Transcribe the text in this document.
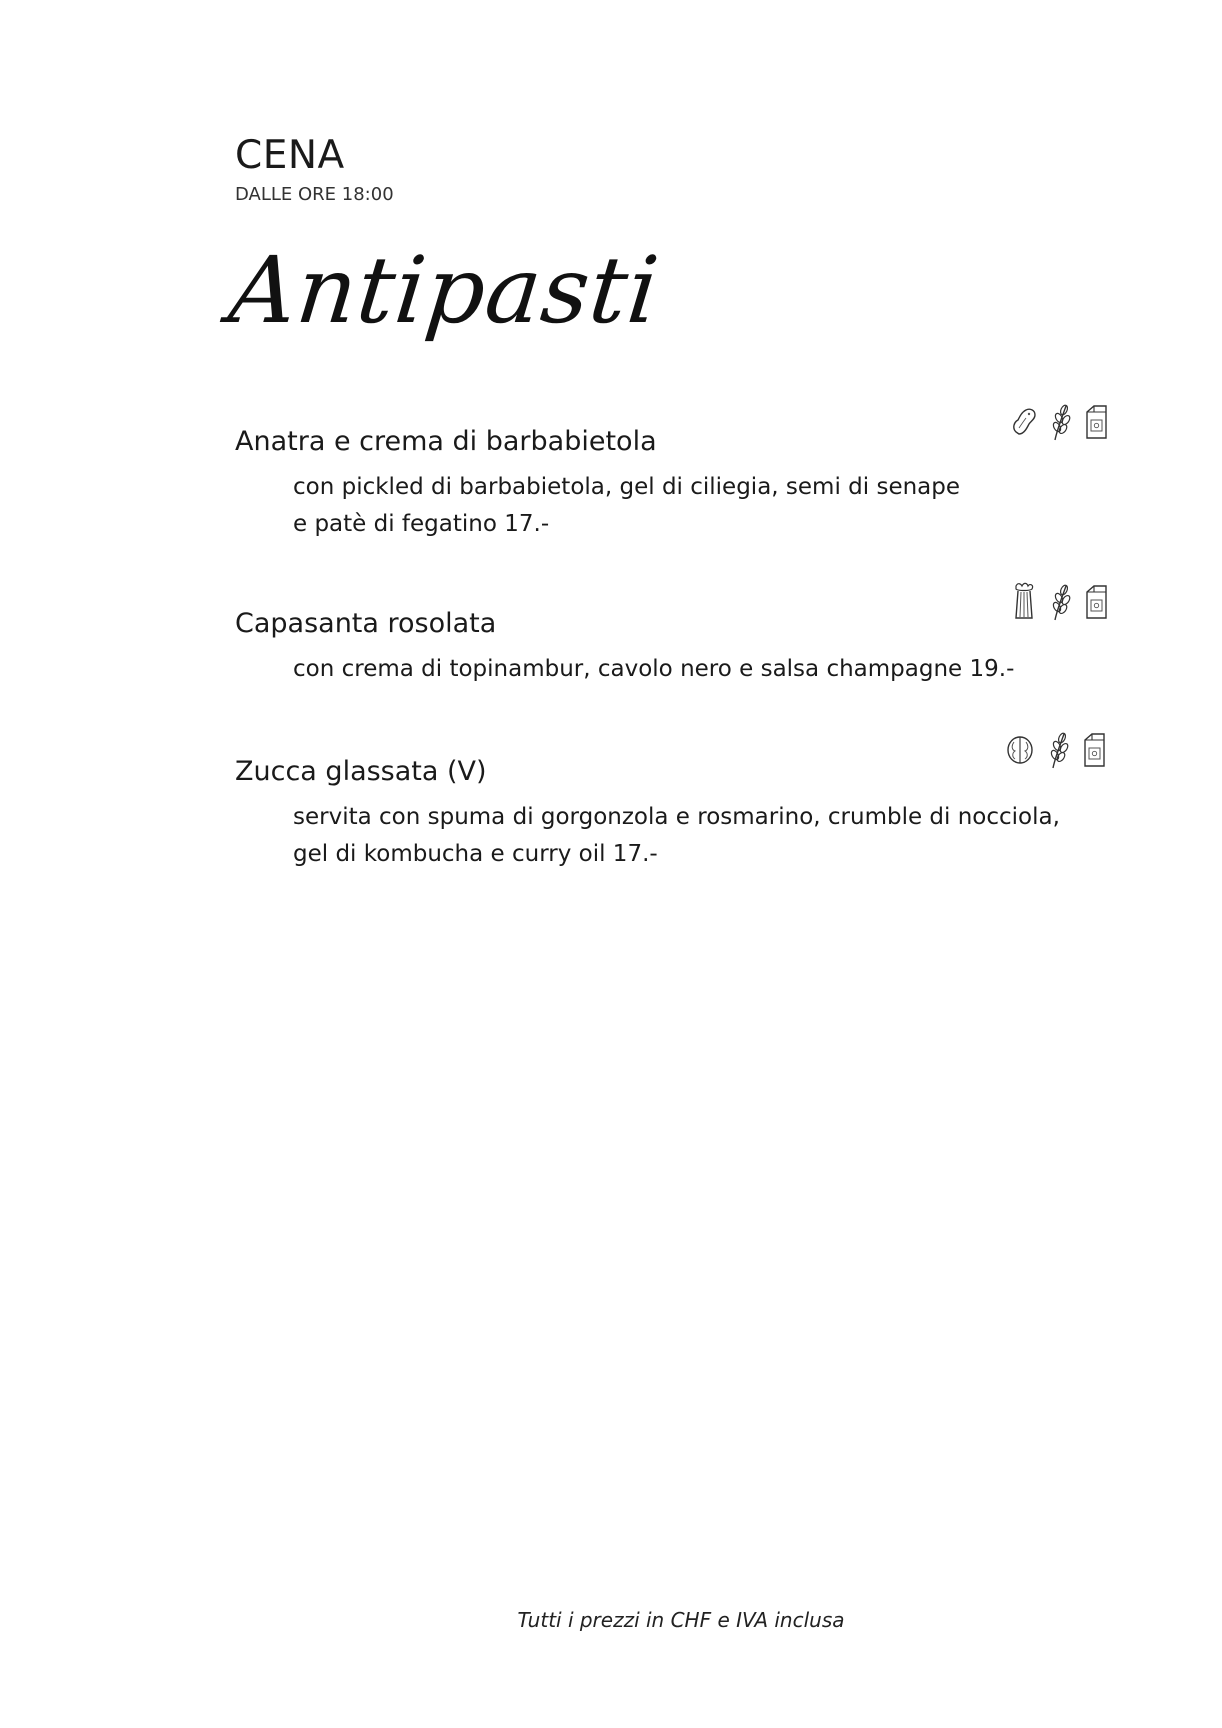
CENA
DALLE ORE 18:00
Antipasti

Anatra e crema di barbabietola

con pickled di barbabietola, gel di ciliegia, semi di senape
e patè di fegatino 17.-

Capasanta rosolata

con crema di topinambur, cavolo nero e salsa champagne 19.-

Zucca glassata (V)

servita con spuma di gorgonzola e rosmarino, crumble di nocciola,
gel di kombucha e curry oil 17.-
Tutti i prezzi in CHF e IVA inclusa
